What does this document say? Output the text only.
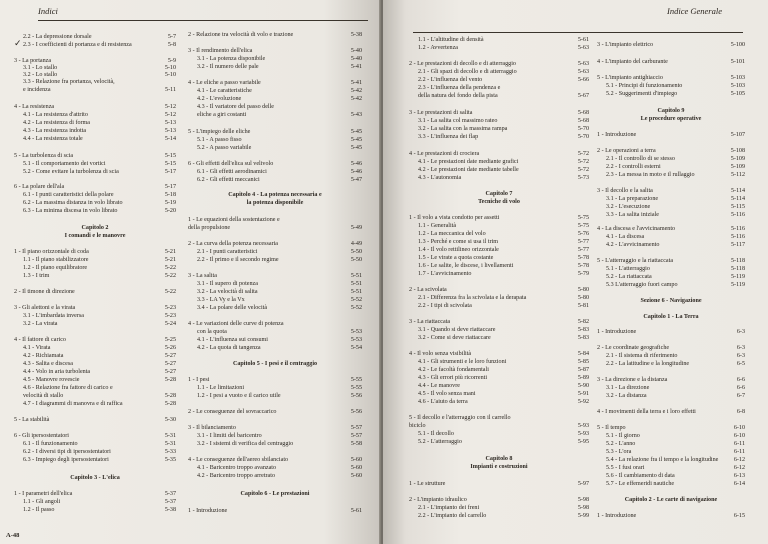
Indici
✓
2.2 - La depressione dorsale	5-7
2.3 - I coefficienti di portanza e di resistenza	5-8
3 - La portanza	5-9
3.1 - Lo stallo	5-10
3.2 - Lo stallo	5-10
3.3 - Relazione fra portanza, velocità,
e incidenza	5-11
4 - La resistenza	5-12
4.1 - La resistenza d'attrito	5-12
4.2 - La resistenza di forma	5-13
4.3 - La resistenza indotta	5-13
4.4 - La resistenza totale	5-14
5 - La turbolenza di scia	5-15
5.1 - Il comportamento dei vortici	5-15
5.2 - Come evitare la turbolenza di scia	5-17
6 - La polare dell'ala	5-17
6.1 - I punti caratteristici della polare	5-18
6.2 - La massima distanza in volo librato	5-19
6.3 - La minima discesa in volo librato	5-20
Capitolo 2
I comandi e le manovre
1 - Il piano orizzontale di coda	5-21
1.1 - Il piano stabilizzatore	5-21
1.2 - Il piano equilibratore	5-22
1.3 - I trim	5-22
2 - Il timone di direzione	5-22
3 - Gli alettoni e la virata	5-23
3.1 - L'imbardata inversa	5-23
3.2 - La virata	5-24
4 - Il fattore di carico	5-25
4.1 - Virata	5-26
4.2 - Richiamata	5-27
4.3 - Salita e discesa	5-27
4.4 - Volo in aria turbolenta	5-27
4.5 - Manovre rovescie	5-28
4.6 - Relazione fra fattore di carico e
velocità di stallo	5-28
4.7 - I diagrammi di manovra e di raffica	5-28
5 - La stabilità	5-30
6 - Gli ipersostentatori	5-31
6.1 - Il funzionamento	5-31
6.2 - I diversi tipi di ipersostentatori	5-33
6.3 - Impiego degli ipersostentatori	5-35
Capitolo 3 - L'elica
1 - I parametri dell'elica	5-37
1.1 - Gli angoli	5-37
1.2 - Il passo	5-38
2 - Relazione tra velocità di volo e trazione	5-38
3 - Il rendimento dell'elica	5-40
3.1 - La potenza disponibile	5-40
3.2 - Il numero delle pale	5-41
4 - Le eliche a passo variabile	5-41
4.1 - Le caratteristiche	5-42
4.2 - L'evoluzione	5-42
4.3 - Il variatore del passo delle
eliche a giri costanti	5-43
5 - L'impiego delle eliche	5-45
5.1 - A passo fisso	5-45
5.2 - A passo variabile	5-45
6 - Gli effetti dell'elica sul velivolo	5-46
6.1 - Gli effetti aerodinamici	5-46
6.2 - Gli effetti meccanici	5-47
Capitolo 4 - La potenza necessaria e
la potenza disponibile
1 - Le equazioni della sostentazione e
della propulsione	5-49
2 - La curva della potenza necessaria	4-49
2.1 - I punti caratteristici	5-50
2.2 - Il primo e il secondo regime	5-50
3 - La salita	5-51
3.1 - Il supero di potenza	5-51
3.2 - La velocità di salita	5-51
3.3 - LA Vy e la Vx	5-52
3.4 - La polare delle velocità	5-52
4 - Le variazioni delle curve di potenza
con la quota	5-53
4.1 - L'influenza sui consumi	5-53
4.2 - La quota di tangenza	5-54
Capitolo 5 - I pesi e il centraggio
1 - I pesi	5-55
1.1 - Le limitazioni	5-55
1.2 - I pesi a vuoto e il carico utile	5-56
2 - Le conseguenze del sovraccarico	5-56
3 - Il bilanciamento	5-57
3.1 - I limiti del baricentro	5-57
3.2 - I sistemi di verifica del centraggio	5-58
4 - Le conseguenze dell'aereo sbilanciato	5-60
4.1 - Baricentro troppo avanzato	5-60
4.2 - Baricentro troppo arretrato	5-60
Capitolo 6 - Le prestazioni
1 - Introduzione	5-61
A-48
Indice Generale
1.1 - L'altitudine di densità	5-61
1.2 - Avvertenza	5-63
2 - Le prestazioni di decollo e di atterraggio	5-63
2.1 - Gli spazi di decollo e di atterraggio	5-63
2.2 - L'influenza del vento	5-66
2.3 - L'influenza della pendenza e
della natura del fondo della pista	5-67
3 - Le prestazioni di salita	5-68
3.1 - La salita col massimo rateo	5-68
3.2 - La salita con la massima rampa	5-70
3.3 - L'influenza dei flap	5-70
4 - Le prestazioni di crociera	5-72
4.1 - Le prestazioni date mediante grafici	5-72
4.2 - Le prestazioni date mediante tabelle	5-72
4.3 - L'autonomia	5-73
Capitolo 7
Tecniche di volo
1 - Il volo a vista condotto per assetti	5-75
1.1 - Generalità	5-75
1.2 - La meccanica del volo	5-76
1.3 - Perché e come si usa il trim	5-77
1.4 - Il volo rettilineo orizzontale	5-77
1.5 - Le virate a quota costante	5-78
1.6 - Le salite, le discese, i livellamenti	5-78
1.7 - L'avvicinamento	5-79
2 - La scivolata	5-80
2.1 - Differenza fra la scivolata e la derapata	5-80
2.2 - I tipi di scivolata	5-81
3 - La riattaccata	5-82
3.1 - Quando si deve riattaccare	5-83
3.2 - Come si deve riattaccare	5-83
4 - Il volo senza visibilità	5-84
4.1 - Gli strumenti e le loro funzioni	5-85
4.2 - Le facoltà fondamentali	5-87
4.3 - Gli errori più ricorrenti	5-89
4.4 - Le manovre	5-90
4.5 - Il volo senza mani	5-91
4.6 - L'aiuto da terra	5-92
5 - Il decollo e l'atterraggio con il carrello
biciclo	5-93
5.1 - Il decollo	5-93
5.2 - L'atterraggio	5-95
Capitolo 8
Impianti e costruzioni
1 - Le strutture	5-97
2 - L'impianto idraulico	5-98
2.1 - L'impianto dei freni	5-98
2.2 - L'impianto del carrello	5-99
3 - L'impianto elettrico	5-100
4 - L'impianto del carburante	5-101
5 - L'impianto antighiaccio	5-103
5.1 - Principi di funzionamento	5-103
5.2 - Suggerimenti d'impiego	5-105
Capitolo 9
Le procedure operative
1 - Introduzione	5-107
2 - Le operazioni a terra	5-108
2.1 - Il controllo di se stesso	5-109
2.2 - I controlli esterni	5-109
2.3 - La messa in moto e il rullaggio	5-112
3 - Il decollo e la salita	5-114
3.1 - La preparazione	5-114
3.2 - L'esecuzione	5-115
3.3 - La salita iniziale	5-116
4 - La discesa e l'avvicinamento	5-116
4.1 - La discesa	5-116
4.2 - L'avvicinamento	5-117
5 - L'atterraggio e la riattaccata	5-118
5.1 - L'atterraggio	5-118
5.2 - La riattaccata	5-119
5.3 L'atterraggio fuori campo	5-119
Sezione 6 - Navigazione
Capitolo 1 - La Terra
1 - Introduzione	6-3
2 - Le coordinate geografiche	6-3
2.1 - Il sistema di riferimento	6-3
2.2 - La latitudine e la longitudine	6-5
3 - La direzione e la distanza	6-6
3.1 - La direzione	6-6
3.2 - La distanza	6-7
4 - I movimenti della terra e i loro effetti	6-8
5 - Il tempo	6-10
5.1 - Il giorno	6-10
5.2 - L'anno	6-11
5.3 - L'ora	6-11
5.4 - La relazione fra il tempo e la longitudine	6-12
5.5 - I fusi orari	6-12
5.6 - Il cambiamento di data	6-13
5.7 - Le effemeridi nautiche	6-14
Capitolo 2 - Le carte di navigazione
1 - Introduzione	6-15
